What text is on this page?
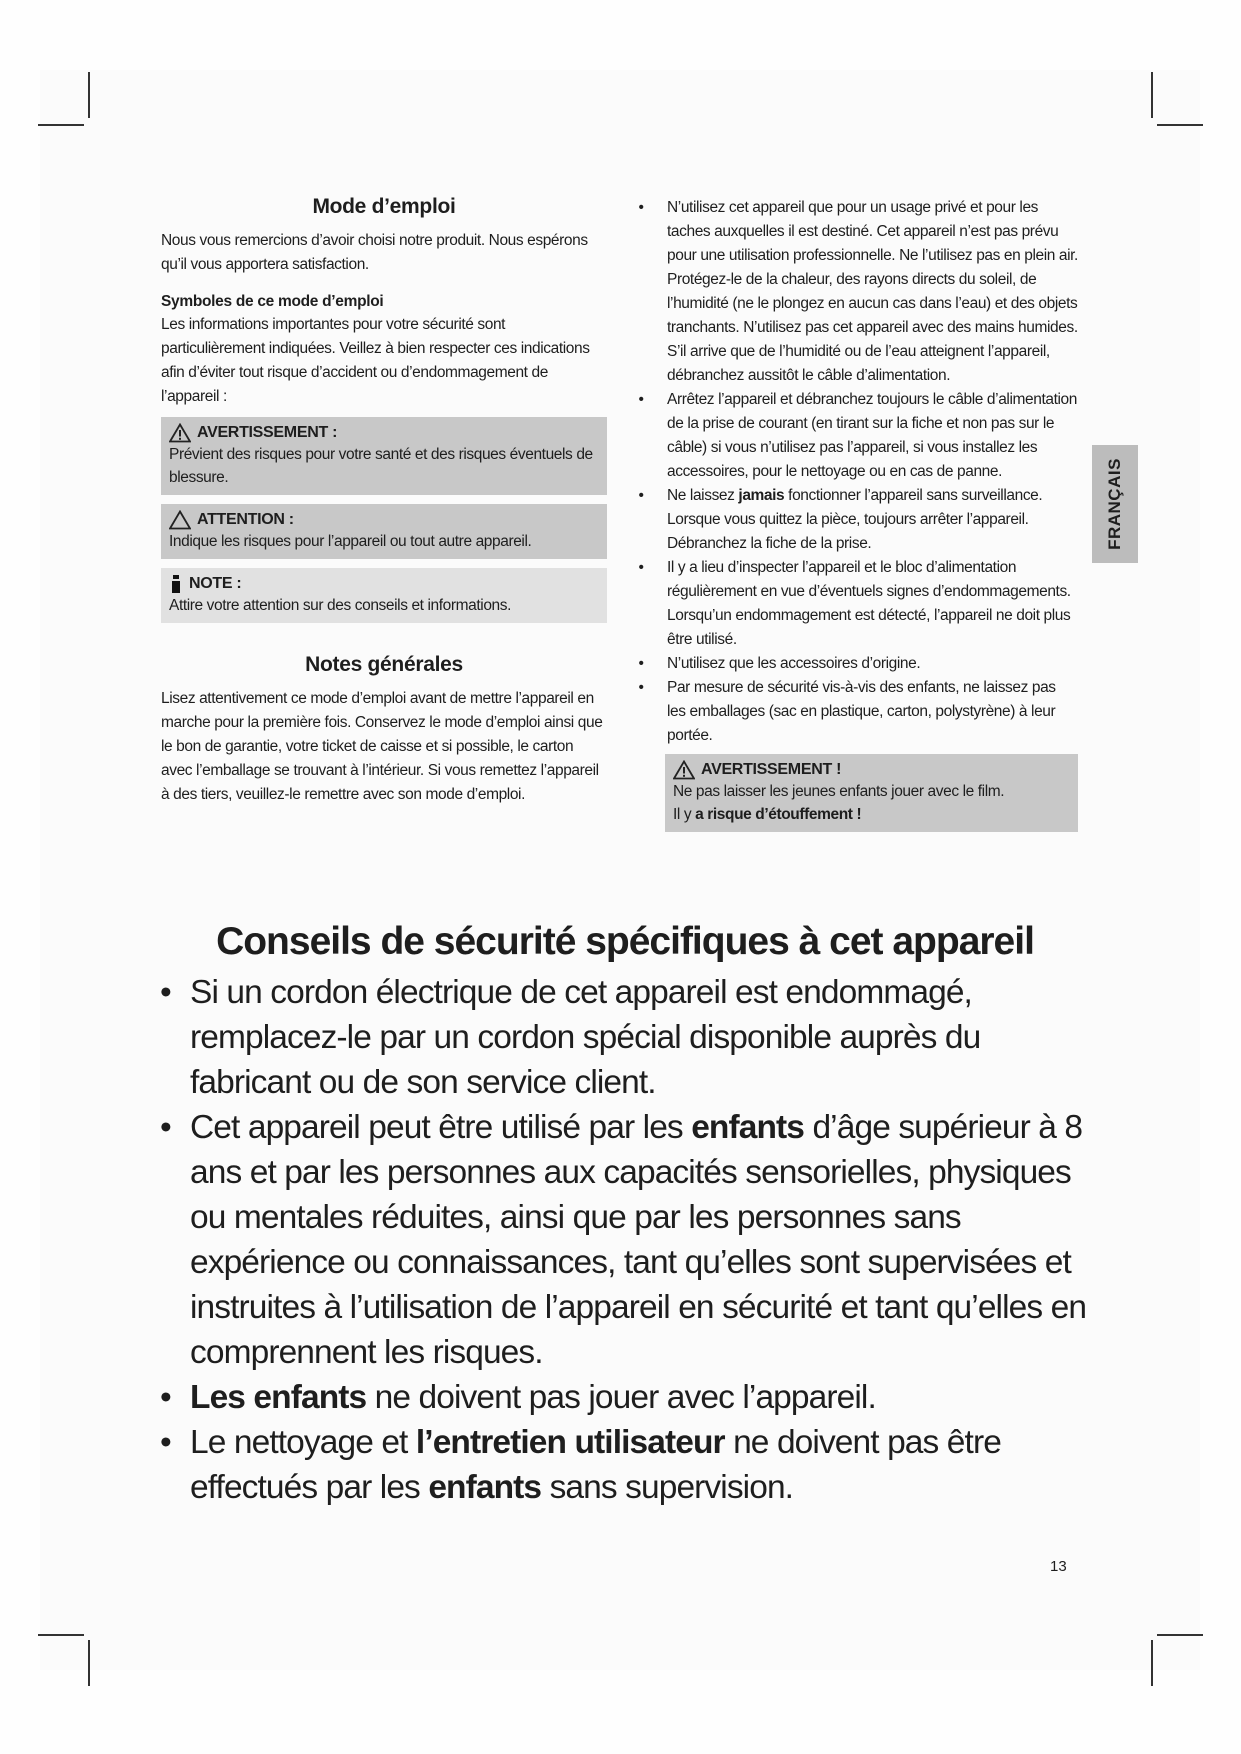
Mode d’emploi

Nous vous remercions d’avoir choisi notre produit. Nous espérons qu’il vous apportera satisfaction.

Symboles de ce mode d’emploi

Les informations importantes pour votre sécurité sont particulièrement indiquées. Veillez à bien respecter ces indications afin d’éviter tout risque d’accident ou d’endommagement de l’appareil :

AVERTISSEMENT :
Prévient des risques pour votre santé et des risques éventuels de blessure.
ATTENTION :
Indique les risques pour l’appareil ou tout autre appareil.
NOTE :
Attire votre attention sur des conseils et informations.
Notes générales

Lisez attentivement ce mode d’emploi avant de mettre l’appareil en marche pour la première fois. Conservez le mode d’emploi ainsi que le bon de garantie, votre ticket de caisse et si possible, le carton avec l’emballage se trouvant à l’intérieur. Si vous remettez l’appareil à des tiers, veuillez-le remettre avec son mode d’emploi.

• N’utilisez cet appareil que pour un usage privé et pour les taches auxquelles il est destiné. Cet appareil n’est pas prévu pour une utilisation professionnelle. Ne l’utilisez pas en plein air. Protégez-le de la chaleur, des rayons directs du soleil, de l’humidité (ne le plongez en aucun cas dans l’eau) et des objets tranchants. N’utilisez pas cet appareil avec des mains humides. S’il arrive que de l’humidité ou de l’eau atteignent l’appareil, débranchez aussitôt le câble d’alimentation.
• Arrêtez l’appareil et débranchez toujours le câble d’alimentation de la prise de courant (en tirant sur la fiche et non pas sur le câble) si vous n’utilisez pas l’appareil, si vous installez les accessoires, pour le nettoyage ou en cas de panne.
• Ne laissez jamais fonctionner l’appareil sans surveillance. Lorsque vous quittez la pièce, toujours arrêter l’appareil. Débranchez la fiche de la prise.
• Il y a lieu d’inspecter l’appareil et le bloc d’alimentation régulièrement en vue d’éventuels signes d’endommagements. Lorsqu’un endommagement est détecté, l’appareil ne doit plus être utilisé.
• N’utilisez que les accessoires d’origine.
• Par mesure de sécurité vis-à-vis des enfants, ne laissez pas les emballages (sac en plastique, carton, polystyrène) à leur portée.
AVERTISSEMENT !
Ne pas laisser les jeunes enfants jouer avec le film.
Il y a risque d’étouffement !
FRANÇAIS
Conseils de sécurité spécifiques à cet appareil
• Si un cordon électrique de cet appareil est endommagé, remplacez-le par un cordon spécial disponible auprès du fabricant ou de son service client.
• Cet appareil peut être utilisé par les enfants d’âge supérieur à 8 ans et par les personnes aux capacités sensorielles, physiques ou mentales réduites, ainsi que par les personnes sans expérience ou connaissances, tant qu’elles sont supervisées et instruites à l’utilisation de l’appareil en sécurité et tant qu’elles en comprennent les risques.
• Les enfants ne doivent pas jouer avec l’appareil.
• Le nettoyage et l’entretien utilisateur ne doivent pas être effectués par les enfants sans supervision.
13
